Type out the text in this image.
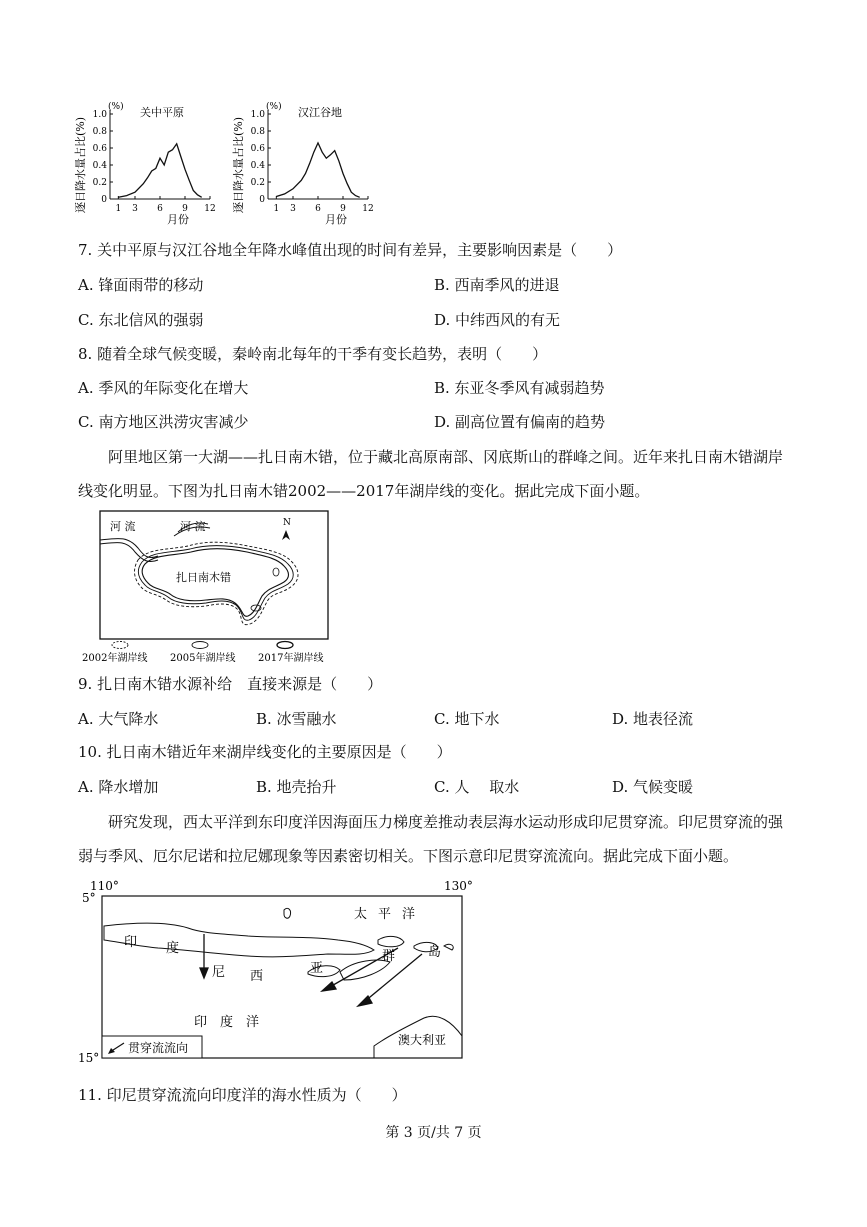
逐日降水量占比(%)
(%) 关中平原
0
0.2
0.4
0.6
0.8
1.0
1 3 6 9 12
月份
逐日降水量占比(%)
(%) 汉江谷地
0
0.2
0.4
0.6
0.8
1.0
1 3 6 9 12
月份
7. 关中平原与汉江谷地全年降水峰值出现的时间有差异，主要影响因素是（　　）
A. 锋面雨带的移动	B. 西南季风的进退
C. 东北信风的强弱	D. 中纬西风的有无
8. 随着全球气候变暖，秦岭南北每年的干季有变长趋势，表明（　　）
A. 季风的年际变化在增大	B. 东亚冬季风有减弱趋势
C. 南方地区洪涝灾害减少	D. 副高位置有偏南的趋势
阿里地区第一大湖——扎日南木错，位于藏北高原南部、冈底斯山的群峰之间。近年来扎日南木错湖岸线变化明显。下图为扎日南木错2002——2017年湖岸线的变化。据此完成下面小题。
河 流	河 流	N
扎日南木错
2002年湖岸线 2005年湖岸线 2017年湖岸线
9. 扎日南木错水源补给　直接来源是（　　）
A. 大气降水	B. 冰雪融水	C. 地下水	D. 地表径流
10. 扎日南木错近年来湖岸线变化的主要原因是（　　）
A. 降水增加	B. 地壳抬升	C. 人　 取水	D. 气候变暖
研究发现，西太平洋到东印度洋因海面压力梯度差推动表层海水运动形成印尼贯穿流。印尼贯穿流的强弱与季风、厄尔尼诺和拉尼娜现象等因素密切相关。下图示意印尼贯穿流流向。据此完成下面小题。
110°	130°
5°
15°
太 平 洋
印 度
尼 西
亚
群	岛
印 度 洋
澳大利亚
贯穿流流向
11. 印尼贯穿流流向印度洋的海水性质为（　　）
第 3 页/共 7 页
